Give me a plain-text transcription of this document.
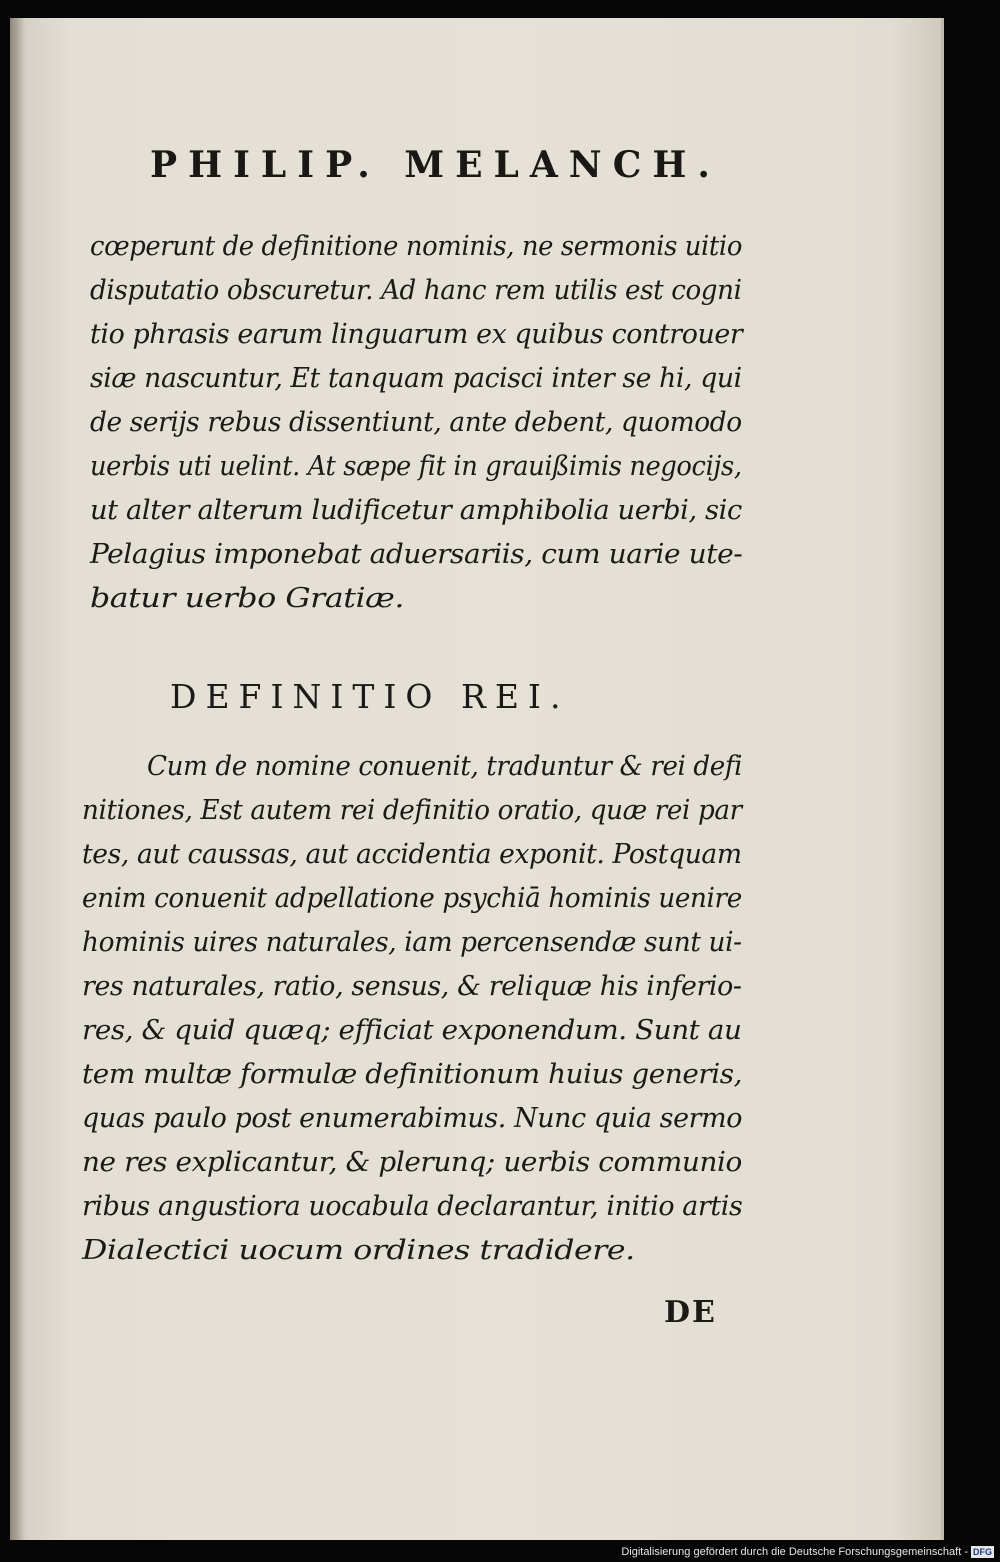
PHILIP. MELANCH.
cœperunt de definitione nominis, ne sermonis uitio
disputatio obscuretur. Ad hanc rem utilis est cogni
tio phrasis earum linguarum ex quibus controuer
siæ nascuntur, Et tanquam pacisci inter se hi, qui
de serijs rebus dissentiunt, ante debent, quomodo
uerbis uti uelint. At sæpe fit in grauißimis negocijs,
ut alter alterum ludificetur amphibolia uerbi, sic
Pelagius imponebat aduersariis, cum uarie ute-
batur uerbo Gratiæ.
DEFINITIO REI.
Cum de nomine conuenit, traduntur & rei defi
nitiones, Est autem rei definitio oratio, quæ rei par
tes, aut caussas, aut accidentia exponit. Postquam
enim conuenit adpellatione psychiā hominis uenire
hominis uires naturales, iam percensendæ sunt ui-
res naturales, ratio, sensus, & reliquæ his inferio-
res, & quid quæq; efficiat exponendum. Sunt au
tem multæ formulæ definitionum huius generis,
quas paulo post enumerabimus. Nunc quia sermo
ne res explicantur, & plerunq; uerbis communio
ribus angustiora uocabula declarantur, initio artis
Dialectici uocum ordines tradidere.
DE
Digitalisierung gefördert durch die Deutsche Forschungsgemeinschaft - DFG
